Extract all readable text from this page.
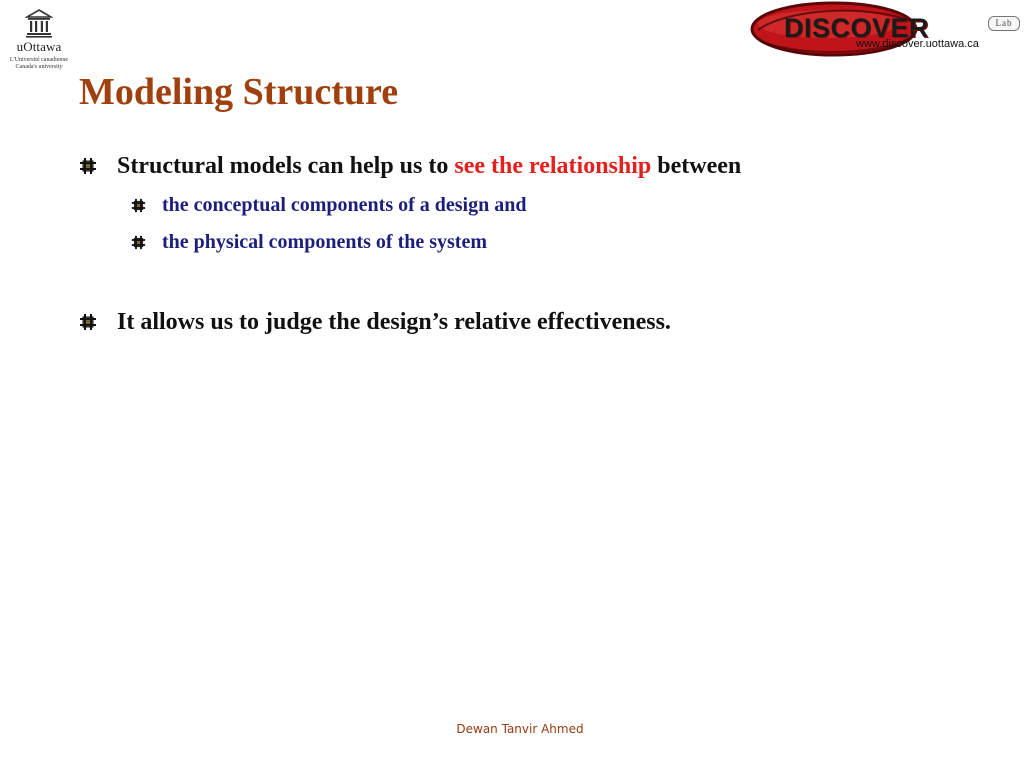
uOttawa
L'Université canadienne
Canada's university
DISCOVER	Lab
www.discover.uottawa.ca
Modeling Structure
Structural models can help us to see the relationship between
the conceptual components of a design and
the physical components of the system
It allows us to judge the design’s relative effectiveness.
Dewan Tanvir Ahmed
